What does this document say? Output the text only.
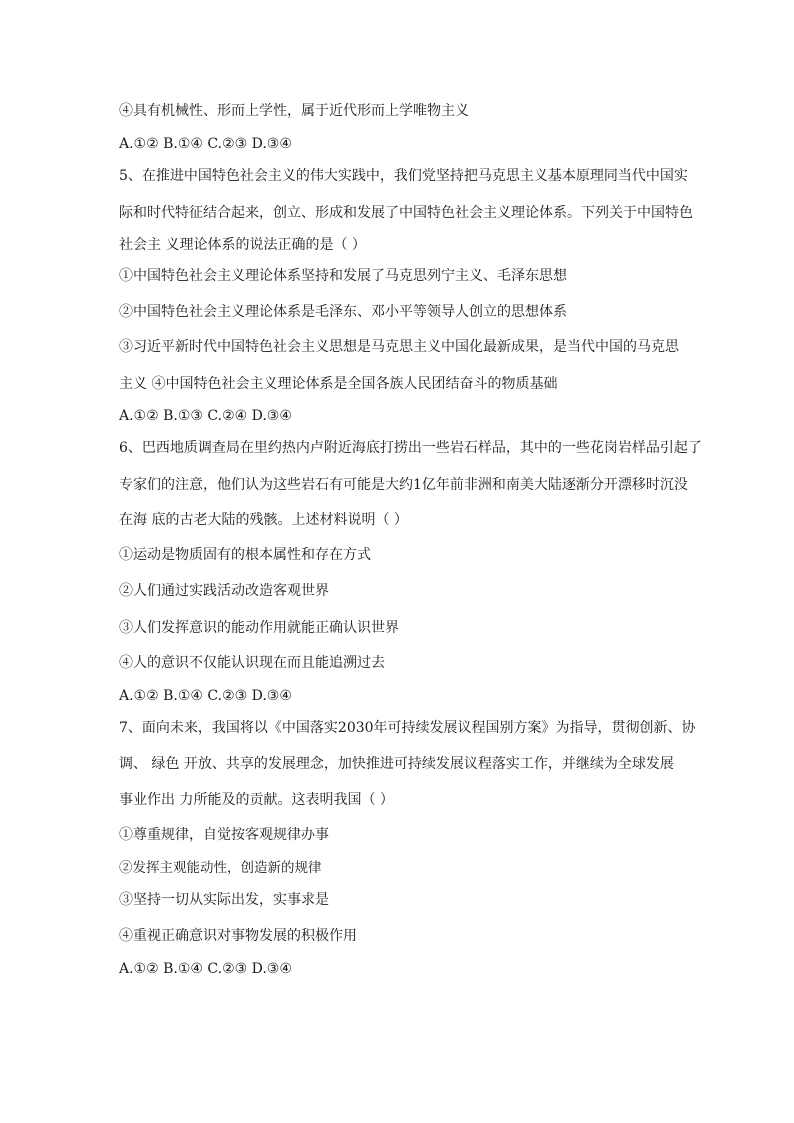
④具有机械性、形而上学性，属于近代形而上学唯物主义
A.①② B.①④ C.②③ D.③④
5、在推进中国特色社会主义的伟大实践中，我们党坚持把马克思主义基本原理同当代中国实
际和时代特征结合起来，创立、形成和发展了中国特色社会主义理论体系。下列关于中国特色
社会主 义理论体系的说法正确的是（ ）
①中国特色社会主义理论体系坚持和发展了马克思列宁主义、毛泽东思想
②中国特色社会主义理论体系是毛泽东、邓小平等领导人创立的思想体系
③习近平新时代中国特色社会主义思想是马克思主义中国化最新成果，是当代中国的马克思
主义 ④中国特色社会主义理论体系是全国各族人民团结奋斗的物质基础
A.①② B.①③ C.②④ D.③④
6、巴西地质调查局在里约热内卢附近海底打捞出一些岩石样品，其中的一些花岗岩样品引起了
专家们的注意，他们认为这些岩石有可能是大约1亿年前非洲和南美大陆逐渐分开漂移时沉没
在海 底的古老大陆的残骸。上述材料说明（ ）
①运动是物质固有的根本属性和存在方式
②人们通过实践活动改造客观世界
③人们发挥意识的能动作用就能正确认识世界
④人的意识不仅能认识现在而且能追溯过去
A.①② B.①④ C.②③ D.③④
7、面向未来，我国将以《中国落实2030年可持续发展议程国别方案》为指导，贯彻创新、协
调、 绿色 开放、共享的发展理念，加快推进可持续发展议程落实工作，并继续为全球发展
事业作出 力所能及的贡献。这表明我国（ ）
①尊重规律，自觉按客观规律办事
②发挥主观能动性，创造新的规律
③坚持一切从实际出发，实事求是
④重视正确意识对事物发展的积极作用
A.①② B.①④ C.②③ D.③④
